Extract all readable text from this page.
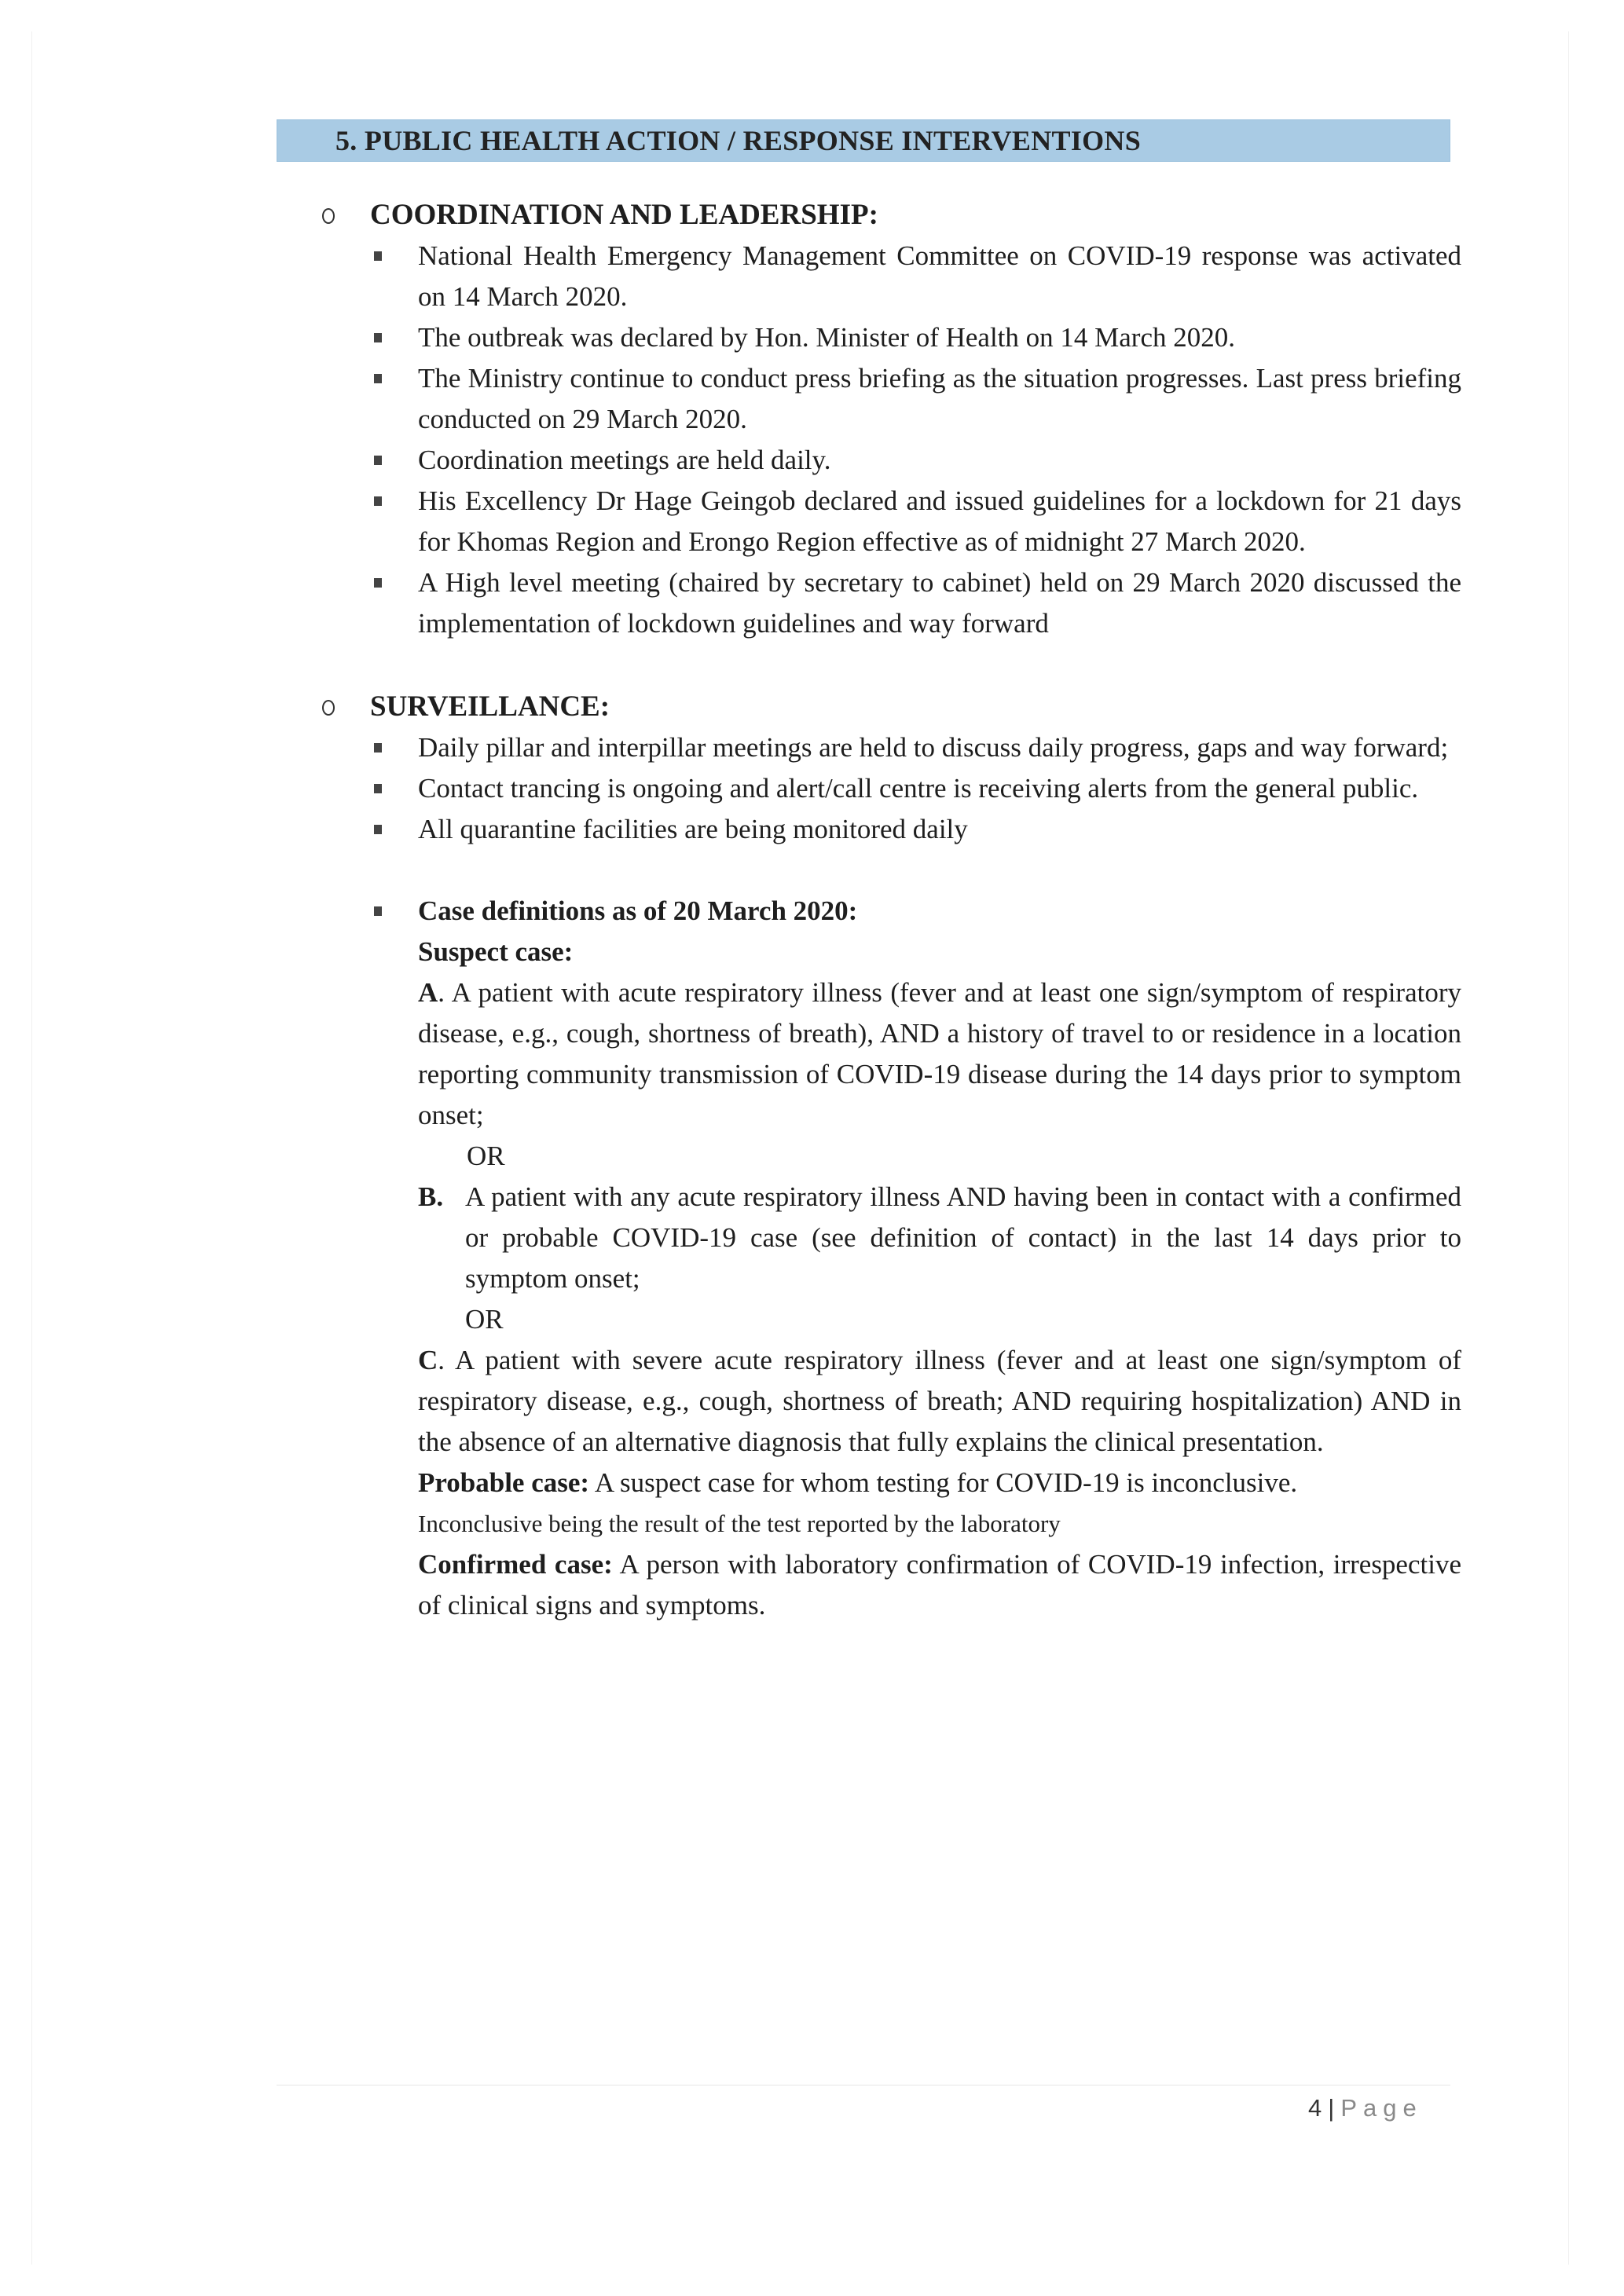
5. PUBLIC HEALTH ACTION / RESPONSE INTERVENTIONS
COORDINATION AND LEADERSHIP:
National Health Emergency Management Committee on COVID-19 response was activated on 14 March 2020.
The outbreak was declared by Hon. Minister of Health on 14 March 2020.
The Ministry continue to conduct press briefing as the situation progresses. Last press briefing conducted on 29 March 2020.
Coordination meetings are held daily.
His Excellency Dr Hage Geingob declared and issued guidelines for a lockdown for 21 days for Khomas Region and Erongo Region effective as of midnight 27 March 2020.
A High level meeting (chaired by secretary to cabinet) held on 29 March 2020 discussed the implementation of lockdown guidelines and way forward
SURVEILLANCE:
Daily pillar and interpillar meetings are held to discuss daily progress, gaps and way forward;
Contact trancing is ongoing and alert/call centre is receiving alerts from the general public.
All quarantine facilities are being monitored daily
Case definitions as of 20 March 2020:
Suspect case:
A. A patient with acute respiratory illness (fever and at least one sign/symptom of respiratory disease, e.g., cough, shortness of breath), AND a history of travel to or residence in a location reporting community transmission of COVID-19 disease during the 14 days prior to symptom onset;
OR
B. A patient with any acute respiratory illness AND having been in contact with a confirmed or probable COVID-19 case (see definition of contact) in the last 14 days prior to symptom onset;
OR
C. A patient with severe acute respiratory illness (fever and at least one sign/symptom of respiratory disease, e.g., cough, shortness of breath; AND requiring hospitalization) AND in the absence of an alternative diagnosis that fully explains the clinical presentation.
Probable case: A suspect case for whom testing for COVID-19 is inconclusive.
Inconclusive being the result of the test reported by the laboratory
Confirmed case: A person with laboratory confirmation of COVID-19 infection, irrespective of clinical signs and symptoms.
4 | Page
